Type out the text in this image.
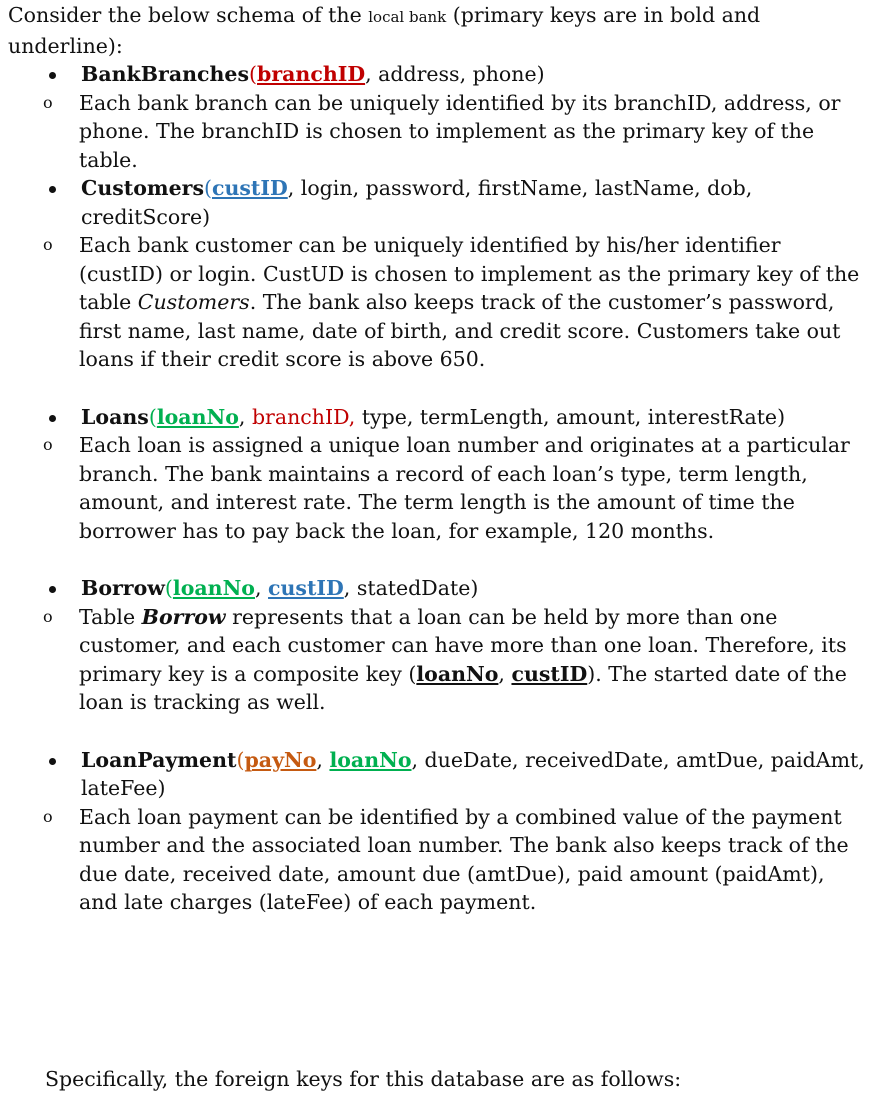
Consider the below schema of the local bank (primary keys are in bold and underline):

BankBranches(branchID, address, phone)

o Each bank branch can be uniquely identified by its branchID, address, or phone. The branchID is chosen to implement as the primary key of the table.

Customers(custID, login, password, firstName, lastName, dob, creditScore)

o Each bank customer can be uniquely identified by his/her identifier (custID) or login. CustUD is chosen to implement as the primary key of the table Customers. The bank also keeps track of the customer’s password, first name, last name, date of birth, and credit score. Customers take out loans if their credit score is above 650.

Loans(loanNo, branchID, type, termLength, amount, interestRate)

o Each loan is assigned a unique loan number and originates at a particular branch. The bank maintains a record of each loan’s type, term length, amount, and interest rate. The term length is the amount of time the borrower has to pay back the loan, for example, 120 months.

Borrow(loanNo, custID, statedDate)

o Table Borrow represents that a loan can be held by more than one customer, and each customer can have more than one loan. Therefore, its primary key is a composite key (loanNo, custID). The started date of the loan is tracking as well.

LoanPayment(payNo, loanNo, dueDate, receivedDate, amtDue, paidAmt, lateFee)

o Each loan payment can be identified by a combined value of the payment number and the associated loan number. The bank also keeps track of the due date, received date, amount due (amtDue), paid amount (paidAmt), and late charges (lateFee) of each payment.

Specifically, the foreign keys for this database are as follows:
